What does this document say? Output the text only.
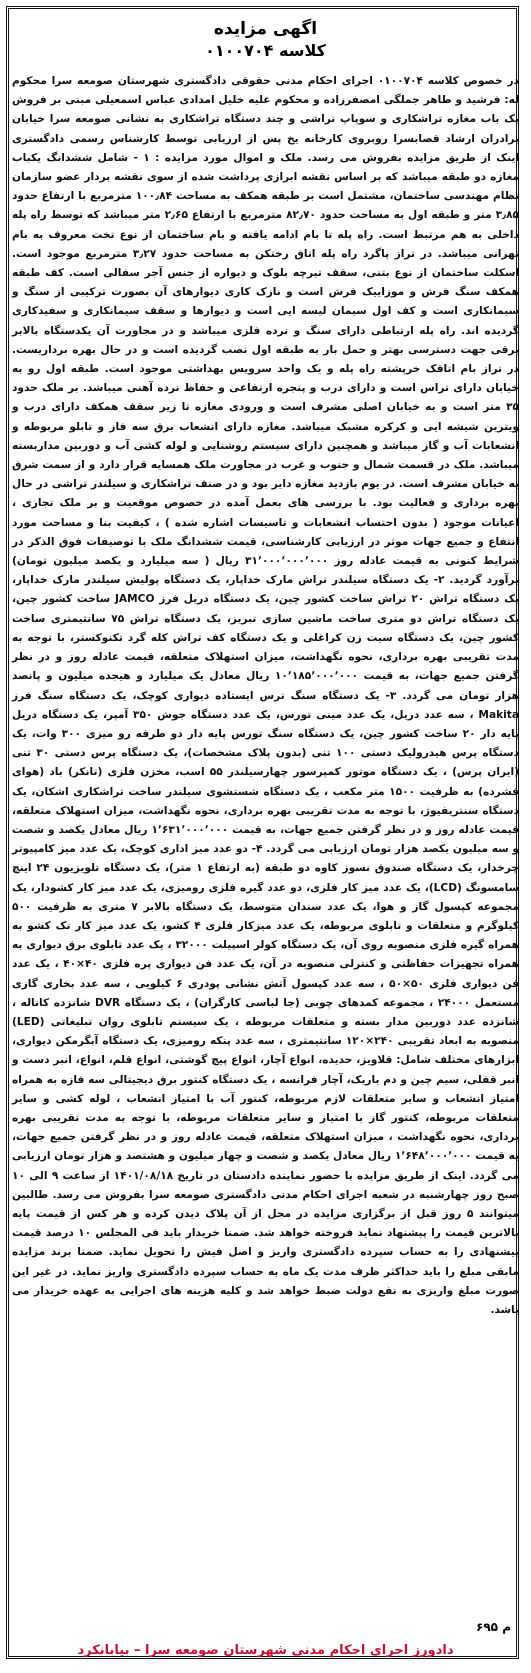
اگهی مزایده

کلاسه ۰۱۰۰۷۰۴

در خصوص کلاسه ۰۱۰۰۷۰۴ اجرای احکام مدنی حقوقی دادگستری شهرستان صومعه سرا محکوم له: فرشید و طاهر جملگی امصفرزاده و محکوم علیه خلیل امدادی عباس اسمعیلی مبنی بر فروش یک باب مغازه تراشکاری و سوپاپ تراشی و چند دستگاه تراشکاری به نشانی صومعه سرا خیابان برادران ارشاد قصابسرا روبروی کارخانه یخ پس از ارزیابی توسط کارشناس رسمی دادگستری اینک از طریق مزایده بفروش می رسد. ملک و اموال مورد مزایده : ۱ - شامل ششدانگ یکباب مغازه دو طبقه میباشد که بر اساس نقشه ابرازی پرداشت شده از سوی نقشه بردار عضو سازمان نظام مهندسی ساختمان، مشتمل است بر طبقه همکف به مساحت ۱۰۰٫۸۴ مترمربع با ارتفاع حدود ۳٫۸۵ متر و طبقه اول به مساحت حدود ۸۲٫۷۰ مترمربع با ارتفاع ۲٫۶۵ متر میباشد که توسط راه پله داخلی به هم مرتبط است. راه پله تا بام ادامه یافته و بام ساختمان از نوع تخت معروف به بام تهرانی میباشد. در تراز پاگرد راه پله اتاق رختکن به مساحت حدود ۳٫۲۷ مترمربع موجود است. اسکلت ساختمان از نوع بتنی، سقف تیرچه بلوک و دیواره از جنس آجر سفالی است. کف طبقه همکف سنگ فرش و موزاییک فرش است و نازک کاری دیوارهای آن بصورت ترکیبی از سنگ و سیمانکاری است و کف اول سیمان لیسه ایی است و دیوارها و سقف سیمانکاری و سفیدکاری گردیده اند. راه پله ارتباطی دارای سنگ و نرده فلزی میباشد و در مجاورت آن یکدستگاه بالابر برقی جهت دسترسی بهتر و حمل بار به طبقه اول نصب گردیده است و در حال بهره برداریست. در تراز بام اتاقک خرپشته راه پله و یک واحد سرویس بهداشتی موجود است. طبقه اول رو به خیابان دارای تراس است و دارای درب و پنجره ارتفاعی و حفاظ نرده آهنی میباشد. بر ملک حدود ۳۵ متر است و به خیابان اصلی مشرف است و ورودی مغازه تا زیر سقف همکف دارای درب و ویترین شیشه ایی و کرکره مشبک میباشد. مغازه دارای انشعاب برق سه فاز و تابلو مربوطه و انشعابات آب و گاز میباشد و همچنین دارای سیستم روشنایی و لوله کشی آب و دوربین مداربسته میباشد. ملک در قسمت شمال و جنوب و غرب در مجاورت ملک همسایه قرار دارد و از سمت شرق به خیابان مشرف است. در یوم بازدید مغازه دایر بود و در صنف تراشکاری و سیلندر تراشی در حال بهره برداری و فعالیت بود. با بررسی های بعمل آمده در خصوص موقعیت و بر ملک تجاری ، اعیانات موجود ( بدون احتساب انشعابات و تاسیسات اشاره شده ) ، کیفیت بنا و مساحت مورد انتفاع و جمیع جهات موثر در ارزیابی کارشناسی، قیمت ششدانگ ملک با توصیفات فوق الذکر در شرایط کنونی به قیمت عادله روز ۳۱٬۰۰۰٬۰۰۰٬۰۰۰ ریال ( سه میلیارد و یکصد میلیون تومان) برآورد گردید. ۲- یک دستگاه سیلندر تراش مارک خداپار، یک دستگاه پولیش سیلندر مارک خداپار، یک دستگاه تراش ۲۰ تراش ساخت کشور چین، یک دستگاه دریل فرز JAMCO ساخت کشور چین، یک دستگاه تراش دو متری ساخت ماشین سازی تبریز، یک دستگاه تراش ۷۵ سانتیمتری ساخت کشور چین، یک دستگاه سیت زن کراغلی و یک دستگاه کف تراش کله گرد تکنوکستر، با توجه به مدت تقریبی بهره برداری، نحوه نگهداشت، میزان استهلاک متعلقه، قیمت عادله روز و در نظر گرفتن جمیع جهات، به قیمت ۱۰٬۱۸۵٬۰۰۰٬۰۰۰ ریال معادل یک میلیارد و هیجده میلیون و پانصد هزار تومان می گردد. ۳- یک دستگاه سنگ ترس ایستاده دیواری کوچک، یک دستگاه سنگ فرز Makita ، سه عدد دریل، یک عدد مینی تورس، یک عدد دستگاه جوش ۳۵۰ آمپر، یک دستگاه دریل پایه دار ۲۰ ساخت کشور چین، یک دستگاه سنگ تورس پایه دار دو طرفه رو میزی ۳۰۰ وات، یک دستگاه پرس هیدرولیک دستی ۱۰۰ تنی (بدون پلاک مشخصات)، یک دستگاه پرس دستی ۳۰ تنی (ایران پرس) ، یک دستگاه موتور کمپرسور چهارسیلندر ۵۵ اسب، مخزن فلزی (تانکر) باد (هوای فشرده) به ظرفیت ۱۵۰۰ متر مکعب ، یک دستگاه شستشوی سیلندر ساخت تراشکاری اشکان، یک دستگاه سنتریفیوژ، با توجه به مدت تقریبی بهره برداری، نحوه نگهداشت، میزان استهلاک متعلقه، قیمت عادله روز و در نظر گرفتن جمیع جهات، به قیمت ۱٬۶۳۱٬۰۰۰٬۰۰۰ ریال معادل یکصد و شصت و سه میلیون یکصد هزار تومان ارزیابی می گردد. ۴- دو عدد میز اداری کوچک، یک عدد میز کامپیوتر چرخدار، یک دستگاه صندوق نسوز کاوه دو طبقه (به ارتفاع ۱ متر)، یک دستگاه تلویزیون ۲۴ اینچ سامسونگ (LCD)، یک عدد میز کار فلزی، دو عدد گیره فلزی رومیزی، یک عدد میز کار کشودار، یک مجموعه کپسول گاز و هوا، یک عدد سندان متوسط، یک دستگاه بالابر ۷ متری به ظرفیت ۵۰۰ کیلوگرم و متعلقات و تابلوی مربوطه، یک عدد میزکار فلزی ۴ کشو، یک عدد میز کار تک کشو به همراه گیره فلزی منصوبه روی آن، یک دستگاه کولر اسپیلت ۳۲۰۰۰ ، یک عدد تابلوی برق دیواری به همراه تجهیزات حفاظتی و کنترلی منصوبه در آن، یک عدد فن دیواری پره فلزی ۴۰×۴۰ ، یک عدد فن دیواری فلزی ۵۰×۵۰ ، سه عدد کپسول آتش نشانی پودری ۶ کیلویی ، سه عدد بخاری گازی مستعمل ۲۴۰۰۰ ، مجموعه کمدهای چوبی (جا لباسی کارگران) ، یک دستگاه DVR شانزده کاناله ، شانزده عدد دوربین مدار بسته و متعلقات مربوطه ، یک سیستم تابلوی روان تبلیغاتی (LED) منصوبه به ابعاد تقریبی ۲۴۰×۱۲۰ سانتیمتری ، سه عدد پنکه رومیزی، یک دستگاه آبگرمکن دیواری، ابزارهای مختلف شامل: قلاویز، حدیده، انواع آچار، انواع پیچ گوشتی، انواع قلم، انواع، انبر دست و انبر قفلی، سیم چین و دم باریک، آچار فرانسه ، یک دستگاه کنتور برق دیجیتالی سه فازه به همراه امتیاز انشعاب و سایر متعلقات لازم مربوطه، کنتور آب با امتیاز انشعاب ، لوله کشی و سایر متعلقات مربوطه، کنتور گاز با امتیاز و سایر متعلقات مربوطه، با توجه به مدت تقریبی بهره برداری، نحوه نگهداشت ، میزان استهلاک متعلقه، قیمت عادله روز و در نظر گرفتن جمیع جهات، به قیمت ۱٬۶۴۸٬۰۰۰٬۰۰۰ ریال معادل یکصد و شصت و چهار میلیون و هشتصد و هزار تومان ارزیابی می گردد. اینک از طریق مزایده با حضور نماینده دادستان در تاریخ ۱۴۰۱/۰۸/۱۸ از ساعت ۹ الی ۱۰ صبح روز چهارشنبه در شعبه اجرای احکام مدنی دادگستری صومعه سرا بفروش می رسد. طالبین میتوانند ۵ روز قبل از برگزاری مزایده در محل از آن پلاک دیدن کرده و هر کس از قیمت پایه بالاترین قیمت را پیشنهاد نماید فروخته خواهد شد. ضمنا خریدار باید فی المجلس ۱۰ درصد قیمت پیشنهادی را به حساب سپرده دادگستری واریز و اصل فیش را تحویل نماید. ضمنا برند مزایده مابقی مبلغ را باید حداکثر ظرف مدت یک ماه به حساب سپرده دادگستری واریز نماید. در غیر این صورت مبلغ واریزی به نفع دولت ضبط خواهد شد و کلیه هزینه های اجرایی به عهده خریدار می باشد.
م ۶۹۵
دادورز اجرای احکام مدنی شهرستان صومعه سرا – بیابانکرد
